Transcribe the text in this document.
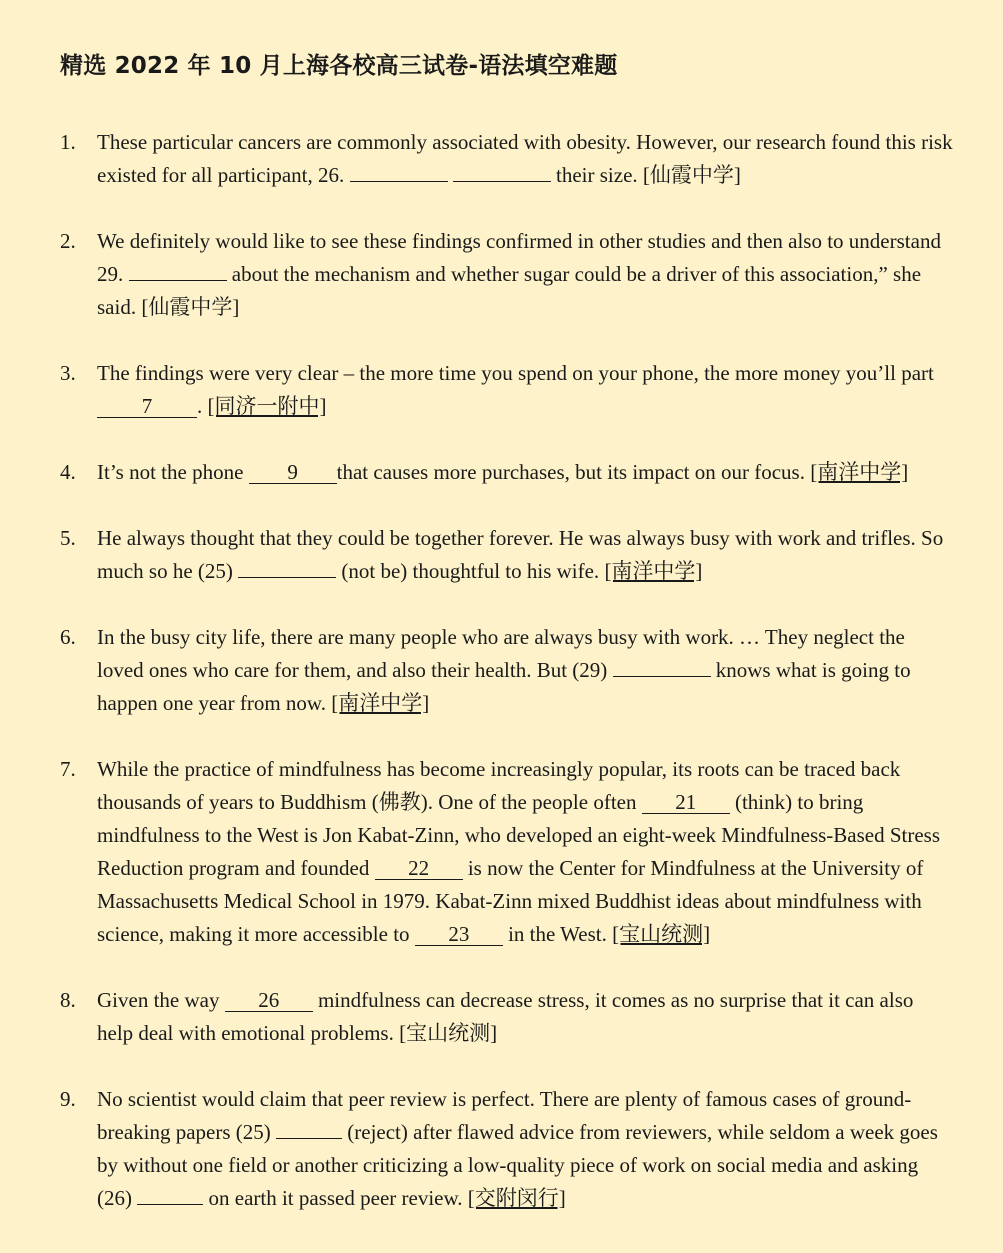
精选 2022 年 10 月上海各校高三试卷-语法填空难题
1.	These particular cancers are commonly associated with obesity. However, our research found this risk existed for all participant, 26.	their size. [仙霞中学]
2.	We definitely would like to see these findings confirmed in other studies and then also to understand 29.	about the mechanism and whether sugar could be a driver of this association,” she said. [仙霞中学]
3.	The findings were very clear – the more time you spend on your phone, the more money you’ll part 7 . [同济一附中]
4.	It’s not the phone 9 that causes more purchases, but its impact on our focus. [南洋中学]
5.	He always thought that they could be together forever. He was always busy with work and trifles. So much so he (25)	(not be) thoughtful to his wife. [南洋中学]
6.	In the busy city life, there are many people who are always busy with work. … They neglect the loved ones who care for them, and also their health. But (29)	knows what is going to happen one year from now. [南洋中学]
7.	While the practice of mindfulness has become increasingly popular, its roots can be traced back thousands of years to Buddhism (佛教). One of the people often 21 (think) to bring mindfulness to the West is Jon Kabat-Zinn, who developed an eight-week Mindfulness-Based Stress Reduction program and founded 22 is now the Center for Mindfulness at the University of Massachusetts Medical School in 1979. Kabat-Zinn mixed Buddhist ideas about mindfulness with science, making it more accessible to 23 in the West. [宝山统测]
8.	Given the way 26 mindfulness can decrease stress, it comes as no surprise that it can also help deal with emotional problems. [宝山统测]
9.	No scientist would claim that peer review is perfect. There are plenty of famous cases of ground-breaking papers (25)	(reject) after flawed advice from reviewers, while seldom a week goes by without one field or another criticizing a low-quality piece of work on social media and asking (26)	on earth it passed peer review. [交附闵行]
